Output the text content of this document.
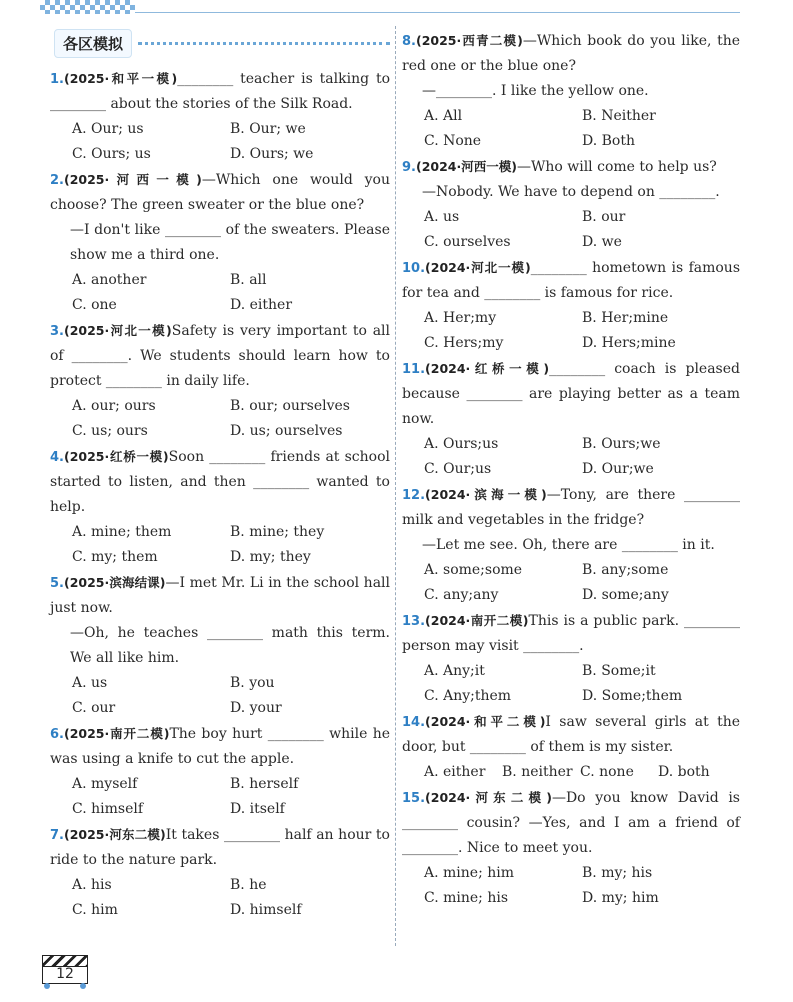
各区模拟
1.(2025·和平一模)________ teacher is talking to ________ about the stories of the Silk Road.
A. Our; us	B. Our; we
C. Ours; us	D. Ours; we
2.(2025·河西一模)—Which one would you choose? The green sweater or the blue one?
—I don't like ________ of the sweaters. Please show me a third one.
A. another	B. all
C. one	D. either
3.(2025·河北一模)Safety is very important to all of ________. We students should learn how to protect ________ in daily life.
A. our; ours	B. our; ourselves
C. us; ours	D. us; ourselves
4.(2025·红桥一模)Soon ________ friends at school started to listen, and then ________ wanted to help.
A. mine; them	B. mine; they
C. my; them	D. my; they
5.(2025·滨海结课)—I met Mr. Li in the school hall just now.
—Oh, he teaches ________ math this term. We all like him.
A. us	B. you
C. our	D. your
6.(2025·南开二模)The boy hurt ________ while he was using a knife to cut the apple.
A. myself	B. herself
C. himself	D. itself
7.(2025·河东二模)It takes ________ half an hour to ride to the nature park.
A. his	B. he
C. him	D. himself
8.(2025·西青二模)—Which book do you like, the red one or the blue one?
—________. I like the yellow one.
A. All	B. Neither
C. None	D. Both
9.(2024·河西一模)—Who will come to help us?
—Nobody. We have to depend on ________.
A. us	B. our
C. ourselves	D. we
10.(2024·河北一模)________ hometown is famous for tea and ________ is famous for rice.
A. Her;my	B. Her;mine
C. Hers;my	D. Hers;mine
11.(2024·红桥一模)________ coach is pleased because ________ are playing better as a team now.
A. Ours;us	B. Ours;we
C. Our;us	D. Our;we
12.(2024·滨海一模)—Tony, are there ________ milk and vegetables in the fridge?
—Let me see. Oh, there are ________ in it.
A. some;some	B. any;some
C. any;any	D. some;any
13.(2024·南开二模)This is a public park. ________ person may visit ________.
A. Any;it	B. Some;it
C. Any;them	D. Some;them
14.(2024·和平二模)I saw several girls at the door, but ________ of them is my sister.
A. either	B. neither C. none	D. both
15.(2024·河东二模)—Do you know David is ________ cousin? —Yes, and I am a friend of ________. Nice to meet you.
A. mine; him	B. my; his
C. mine; his	D. my; him
12
